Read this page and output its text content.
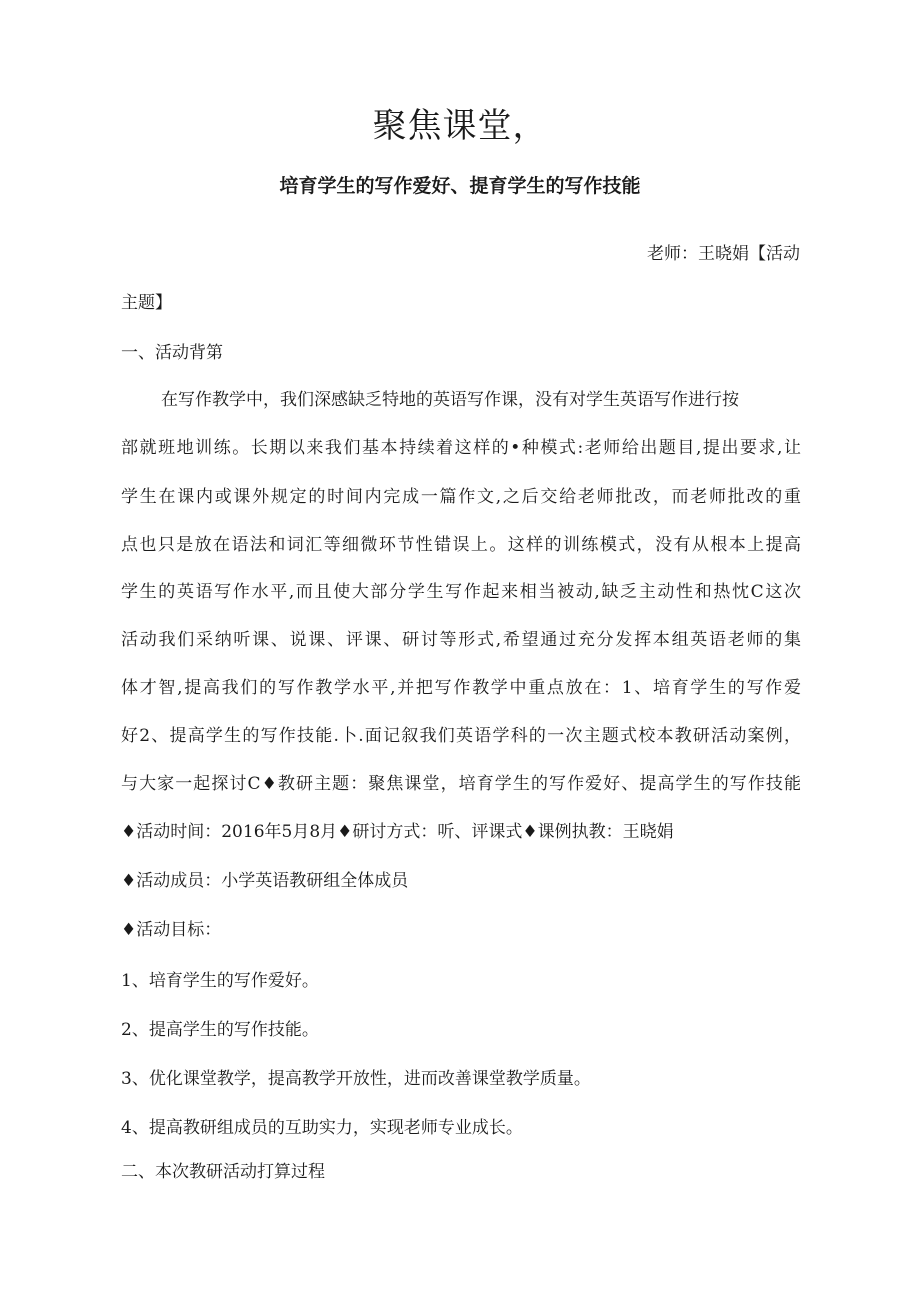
聚焦课堂，
培育学生的写作爱好、提育学生的写作技能

老师：王晓娟【活动

主题】

一、活动背第

在写作教学中，我们深感缺乏特地的英语写作课，没有对学生英语写作进行按

部就班地训练。长期以来我们基本持续着这样的•种模式:老师给出题目,提出要求,让

学生在课内或课外规定的时间内完成一篇作文,之后交给老师批改，而老师批改的重

点也只是放在语法和词汇等细微环节性错误上。这样的训练模式，没有从根本上提高

学生的英语写作水平,而且使大部分学生写作起来相当被动,缺乏主动性和热忱C这次

活动我们采纳听课、说课、评课、研讨等形式,希望通过充分发挥本组英语老师的集

体才智,提高我们的写作教学水平,并把写作教学中重点放在：1、培育学生的写作爱

好2、提高学生的写作技能.卜.面记叙我们英语学科的一次主题式校本教研活动案例，

与大家一起探讨C♦教研主题：聚焦课堂，培育学生的写作爱好、提高学生的写作技能

♦活动时间：2016年5月8月♦研讨方式：听、评课式♦课例执教：王晓娟

♦活动成员：小学英语教研组全体成员

♦活动目标：

1、培育学生的写作爱好。

2、提高学生的写作技能。

3、优化课堂教学，提高教学开放性，进而改善课堂教学质量。

4、提高教研组成员的互助实力，实现老师专业成长。

二、本次教研活动打算过程
